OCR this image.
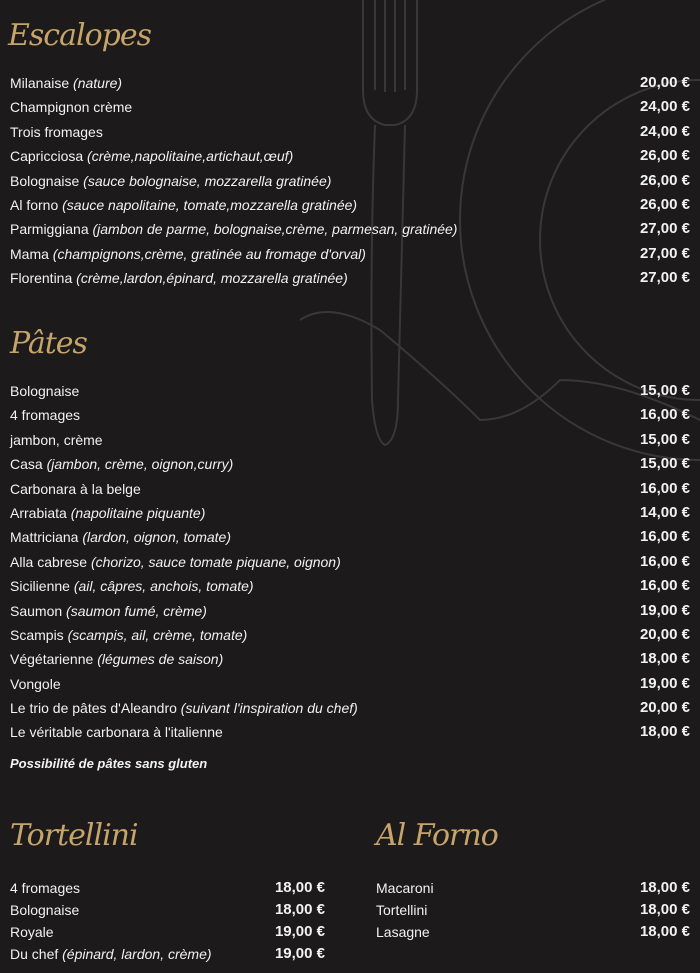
Escalopes
Milanaise (nature)	20,00 €
Champignon crème	24,00 €
Trois fromages	24,00 €
Capricciosa (crème,napolitaine,artichaut,œuf)	26,00 €
Bolognaise (sauce bolognaise, mozzarella gratinée)	26,00 €
Al forno (sauce napolitaine, tomate,mozzarella gratinée)	26,00 €
Parmiggiana (jambon de parme, bolognaise,crème, parmesan, gratinée)	27,00 €
Mama (champignons,crème, gratinée au fromage d'orval)	27,00 €
Florentina (crème,lardon,épinard, mozzarella gratinée)	27,00 €
Pâtes
Bolognaise	15,00 €
4 fromages	16,00 €
jambon, crème	15,00 €
Casa (jambon, crème, oignon,curry)	15,00 €
Carbonara à la belge	16,00 €
Arrabiata (napolitaine piquante)	14,00 €
Mattriciana (lardon, oignon, tomate)	16,00 €
Alla cabrese (chorizo, sauce tomate piquane, oignon)	16,00 €
Sicilienne (ail, câpres, anchois, tomate)	16,00 €
Saumon (saumon fumé, crème)	19,00 €
Scampis (scampis, ail, crème, tomate)	20,00 €
Végétarienne (légumes de saison)	18,00 €
Vongole	19,00 €
Le trio de pâtes d'Aleandro (suivant l'inspiration du chef)	20,00 €
Le véritable carbonara à l'italienne	18,00 €
Possibilité de pâtes sans gluten
Tortellini
4 fromages	18,00 €
Bolognaise	18,00 €
Royale	19,00 €
Du chef (épinard, lardon, crème)	19,00 €
Al Forno
Macaroni	18,00 €
Tortellini	18,00 €
Lasagne	18,00 €
